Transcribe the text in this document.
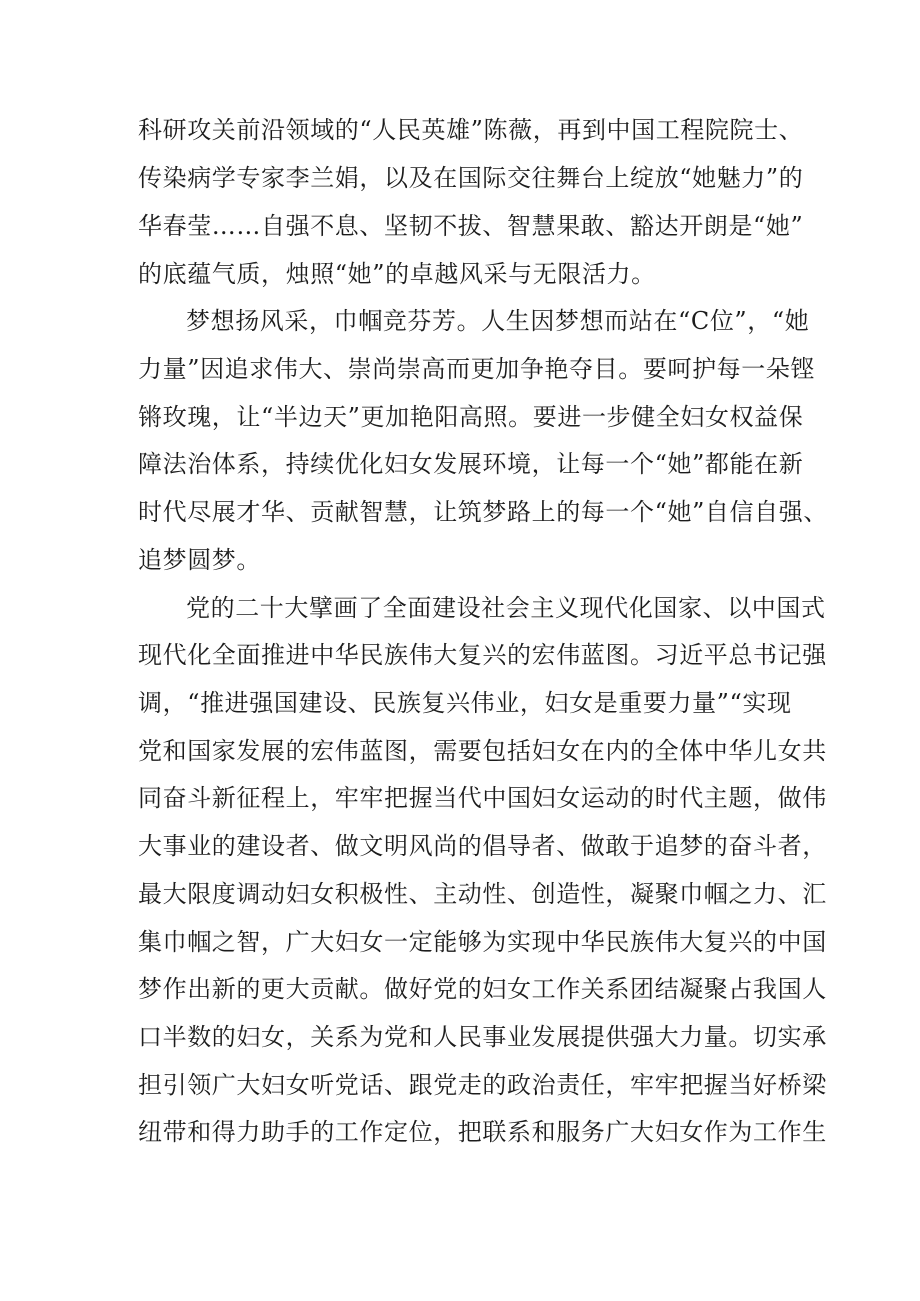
科研攻关前沿领域的“人民英雄”陈薇，再到中国工程院院士、
传染病学专家李兰娟，以及在国际交往舞台上绽放“她魅力”的
华春莹……自强不息、坚韧不拔、智慧果敢、豁达开朗是“她”
的底蕴气质，烛照“她”的卓越风采与无限活力。
梦想扬风采，巾帼竞芬芳。人生因梦想而站在“C位”，“她
力量”因追求伟大、崇尚崇高而更加争艳夺目。要呵护每一朵铿
锵玫瑰，让“半边天”更加艳阳高照。要进一步健全妇女权益保
障法治体系，持续优化妇女发展环境，让每一个“她”都能在新
时代尽展才华、贡献智慧，让筑梦路上的每一个“她”自信自强、
追梦圆梦。
党的二十大擘画了全面建设社会主义现代化国家、以中国式
现代化全面推进中华民族伟大复兴的宏伟蓝图。习近平总书记强
调，“推进强国建设、民族复兴伟业，妇女是重要力量”“实现
党和国家发展的宏伟蓝图，需要包括妇女在内的全体中华儿女共
同奋斗新征程上，牢牢把握当代中国妇女运动的时代主题，做伟
大事业的建设者、做文明风尚的倡导者、做敢于追梦的奋斗者，
最大限度调动妇女积极性、主动性、创造性，凝聚巾帼之力、汇
集巾帼之智，广大妇女一定能够为实现中华民族伟大复兴的中国
梦作出新的更大贡献。做好党的妇女工作关系团结凝聚占我国人
口半数的妇女，关系为党和人民事业发展提供强大力量。切实承
担引领广大妇女听党话、跟党走的政治责任，牢牢把握当好桥梁
纽带和得力助手的工作定位，把联系和服务广大妇女作为工作生
